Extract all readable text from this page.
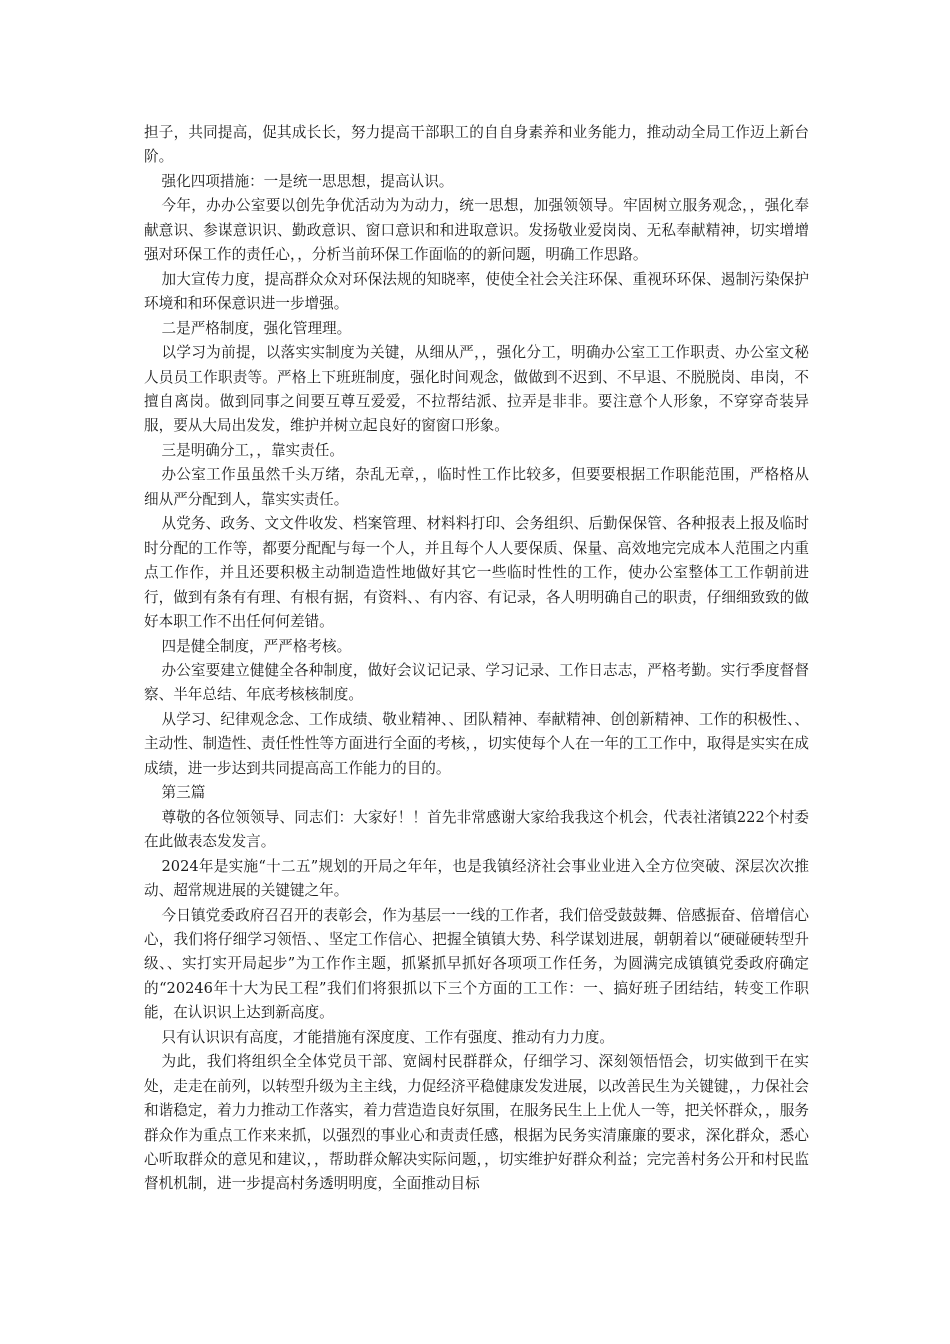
担子，共同提高，促其成长长，努力提高干部职工的自自身素养和业务能力，推动动全局工作迈上新台阶。

强化四项措施：一是统一思思想，提高认识。

今年，办办公室要以创先争优活动为为动力，统一思想，加强领领导。牢固树立服务观念，，强化奉献意识、参谋意识识、勤政意识、窗口意识和和进取意识。发扬敬业爱岗岗、无私奉献精神，切实增增强对环保工作的责任心，，分析当前环保工作面临的的新问题，明确工作思路。

加大宣传力度，提高群众众对环保法规的知晓率，使使全社会关注环保、重视环环保、遏制污染保护环境和和环保意识进一步增强。

二是严格制度，强化管理理。

以学习为前提，以落实实制度为关键，从细从严，，强化分工，明确办公室工工作职责、办公室文秘人员员工作职责等。严格上下班班制度，强化时间观念，做做到不迟到、不早退、不脱脱岗、串岗，不擅自离岗。做到同事之间要互尊互爱爱，不拉帮结派、拉弄是非非。要注意个人形象，不穿穿奇装异服，要从大局出发发，维护并树立起良好的窗窗口形象。

三是明确分工，，靠实责任。

办公室工作虽虽然千头万绪，杂乱无章，，临时性工作比较多，但要要根据工作职能范围，严格格从细从严分配到人，靠实实责任。

从党务、政务、文文件收发、档案管理、材料料打印、会务组织、后勤保保管、各种报表上报及临时时分配的工作等，都要分配配与每一个人，并且每个人人要保质、保量、高效地完完成本人范围之内重点工作作，并且还要积极主动制造造性地做好其它一些临时性性的工作，使办公室整体工工作朝前进行，做到有条有有理、有根有据，有资料、、有内容、有记录，各人明明确自己的职责，仔细细致致的做好本职工作不出任何何差错。

四是健全制度，严严格考核。

办公室要建立健健全各种制度，做好会议记记录、学习记录、工作日志志，严格考勤。实行季度督督察、半年总结、年底考核核制度。

从学习、纪律观念念、工作成绩、敬业精神、、团队精神、奉献精神、创创新精神、工作的积极性、、主动性、制造性、责任性性等方面进行全面的考核，，切实使每个人在一年的工工作中，取得是实实在成成绩，进一步达到共同提高高工作能力的目的。

第三篇

尊敬的各位领领导、同志们：大家好！！首先非常感谢大家给我我这个机会，代表社渚镇222个村委在此做表态发发言。

2024年是实施“十二五”规划的开局之年年，也是我镇经济社会事业业进入全方位突破、深层次次推动、超常规进展的关键键之年。

今日镇党委政府召召开的表彰会，作为基层一一线的工作者，我们倍受鼓鼓舞、倍感振奋、倍增信心心，我们将仔细学习领悟、、坚定工作信心、把握全镇镇大势、科学谋划进展，朝朝着以“硬碰硬转型升级、、实打实开局起步”为工作作主题，抓紧抓早抓好各项项工作任务，为圆满完成镇镇党委政府确定的“20246年十大为民工程”我们们将狠抓以下三个方面的工工作：一、搞好班子团结结，转变工作职能，在认识识上达到新高度。

只有认识识有高度，才能措施有深度度、工作有强度、推动有力力度。

为此，我们将组织全全体党员干部、宽阔村民群群众，仔细学习、深刻领悟悟会，切实做到干在实处，走走在前列，以转型升级为主主线，力促经济平稳健康发发进展，以改善民生为关键键，，力保社会和谐稳定，着力力推动工作落实，着力营造造良好氛围，在服务民生上上优人一等，把关怀群众，，服务群众作为重点工作来来抓，以强烈的事业心和责责任感，根据为民务实清廉廉的要求，深化群众，悉心心听取群众的意见和建议，，帮助群众解决实际问题，，切实维护好群众利益；完完善村务公开和村民监督机机制，进一步提高村务透明明度，全面推动目标
